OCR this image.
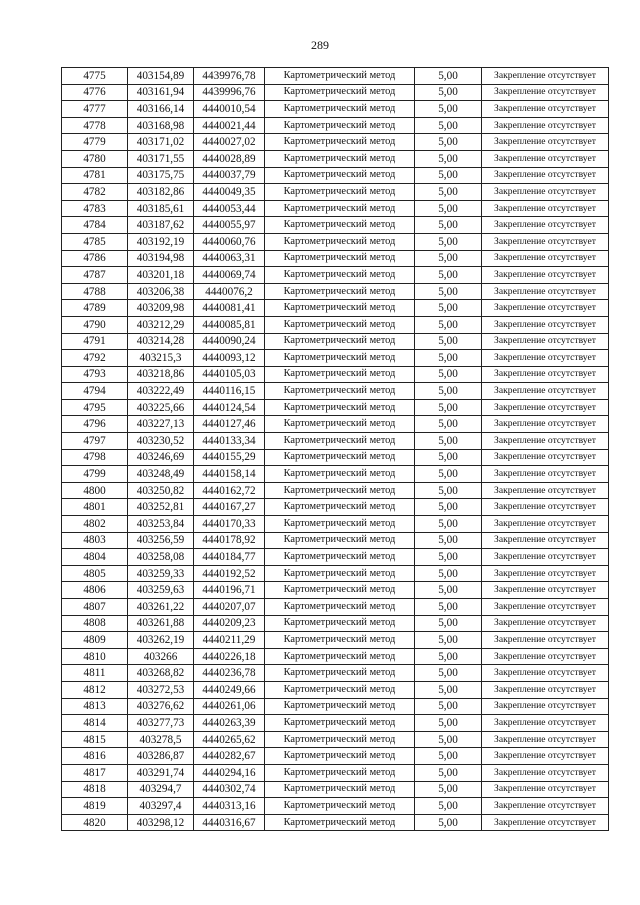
289
4775	403154,89	4439976,78	Картометрический метод	5,00	Закрепление отсутствует
4776	403161,94	4439996,76	Картометрический метод	5,00	Закрепление отсутствует
4777	403166,14	4440010,54	Картометрический метод	5,00	Закрепление отсутствует
4778	403168,98	4440021,44	Картометрический метод	5,00	Закрепление отсутствует
4779	403171,02	4440027,02	Картометрический метод	5,00	Закрепление отсутствует
4780	403171,55	4440028,89	Картометрический метод	5,00	Закрепление отсутствует
4781	403175,75	4440037,79	Картометрический метод	5,00	Закрепление отсутствует
4782	403182,86	4440049,35	Картометрический метод	5,00	Закрепление отсутствует
4783	403185,61	4440053,44	Картометрический метод	5,00	Закрепление отсутствует
4784	403187,62	4440055,97	Картометрический метод	5,00	Закрепление отсутствует
4785	403192,19	4440060,76	Картометрический метод	5,00	Закрепление отсутствует
4786	403194,98	4440063,31	Картометрический метод	5,00	Закрепление отсутствует
4787	403201,18	4440069,74	Картометрический метод	5,00	Закрепление отсутствует
4788	403206,38	4440076,2	Картометрический метод	5,00	Закрепление отсутствует
4789	403209,98	4440081,41	Картометрический метод	5,00	Закрепление отсутствует
4790	403212,29	4440085,81	Картометрический метод	5,00	Закрепление отсутствует
4791	403214,28	4440090,24	Картометрический метод	5,00	Закрепление отсутствует
4792	403215,3	4440093,12	Картометрический метод	5,00	Закрепление отсутствует
4793	403218,86	4440105,03	Картометрический метод	5,00	Закрепление отсутствует
4794	403222,49	4440116,15	Картометрический метод	5,00	Закрепление отсутствует
4795	403225,66	4440124,54	Картометрический метод	5,00	Закрепление отсутствует
4796	403227,13	4440127,46	Картометрический метод	5,00	Закрепление отсутствует
4797	403230,52	4440133,34	Картометрический метод	5,00	Закрепление отсутствует
4798	403246,69	4440155,29	Картометрический метод	5,00	Закрепление отсутствует
4799	403248,49	4440158,14	Картометрический метод	5,00	Закрепление отсутствует
4800	403250,82	4440162,72	Картометрический метод	5,00	Закрепление отсутствует
4801	403252,81	4440167,27	Картометрический метод	5,00	Закрепление отсутствует
4802	403253,84	4440170,33	Картометрический метод	5,00	Закрепление отсутствует
4803	403256,59	4440178,92	Картометрический метод	5,00	Закрепление отсутствует
4804	403258,08	4440184,77	Картометрический метод	5,00	Закрепление отсутствует
4805	403259,33	4440192,52	Картометрический метод	5,00	Закрепление отсутствует
4806	403259,63	4440196,71	Картометрический метод	5,00	Закрепление отсутствует
4807	403261,22	4440207,07	Картометрический метод	5,00	Закрепление отсутствует
4808	403261,88	4440209,23	Картометрический метод	5,00	Закрепление отсутствует
4809	403262,19	4440211,29	Картометрический метод	5,00	Закрепление отсутствует
4810	403266	4440226,18	Картометрический метод	5,00	Закрепление отсутствует
4811	403268,82	4440236,78	Картометрический метод	5,00	Закрепление отсутствует
4812	403272,53	4440249,66	Картометрический метод	5,00	Закрепление отсутствует
4813	403276,62	4440261,06	Картометрический метод	5,00	Закрепление отсутствует
4814	403277,73	4440263,39	Картометрический метод	5,00	Закрепление отсутствует
4815	403278,5	4440265,62	Картометрический метод	5,00	Закрепление отсутствует
4816	403286,87	4440282,67	Картометрический метод	5,00	Закрепление отсутствует
4817	403291,74	4440294,16	Картометрический метод	5,00	Закрепление отсутствует
4818	403294,7	4440302,74	Картометрический метод	5,00	Закрепление отсутствует
4819	403297,4	4440313,16	Картометрический метод	5,00	Закрепление отсутствует
4820	403298,12	4440316,67	Картометрический метод	5,00	Закрепление отсутствует
